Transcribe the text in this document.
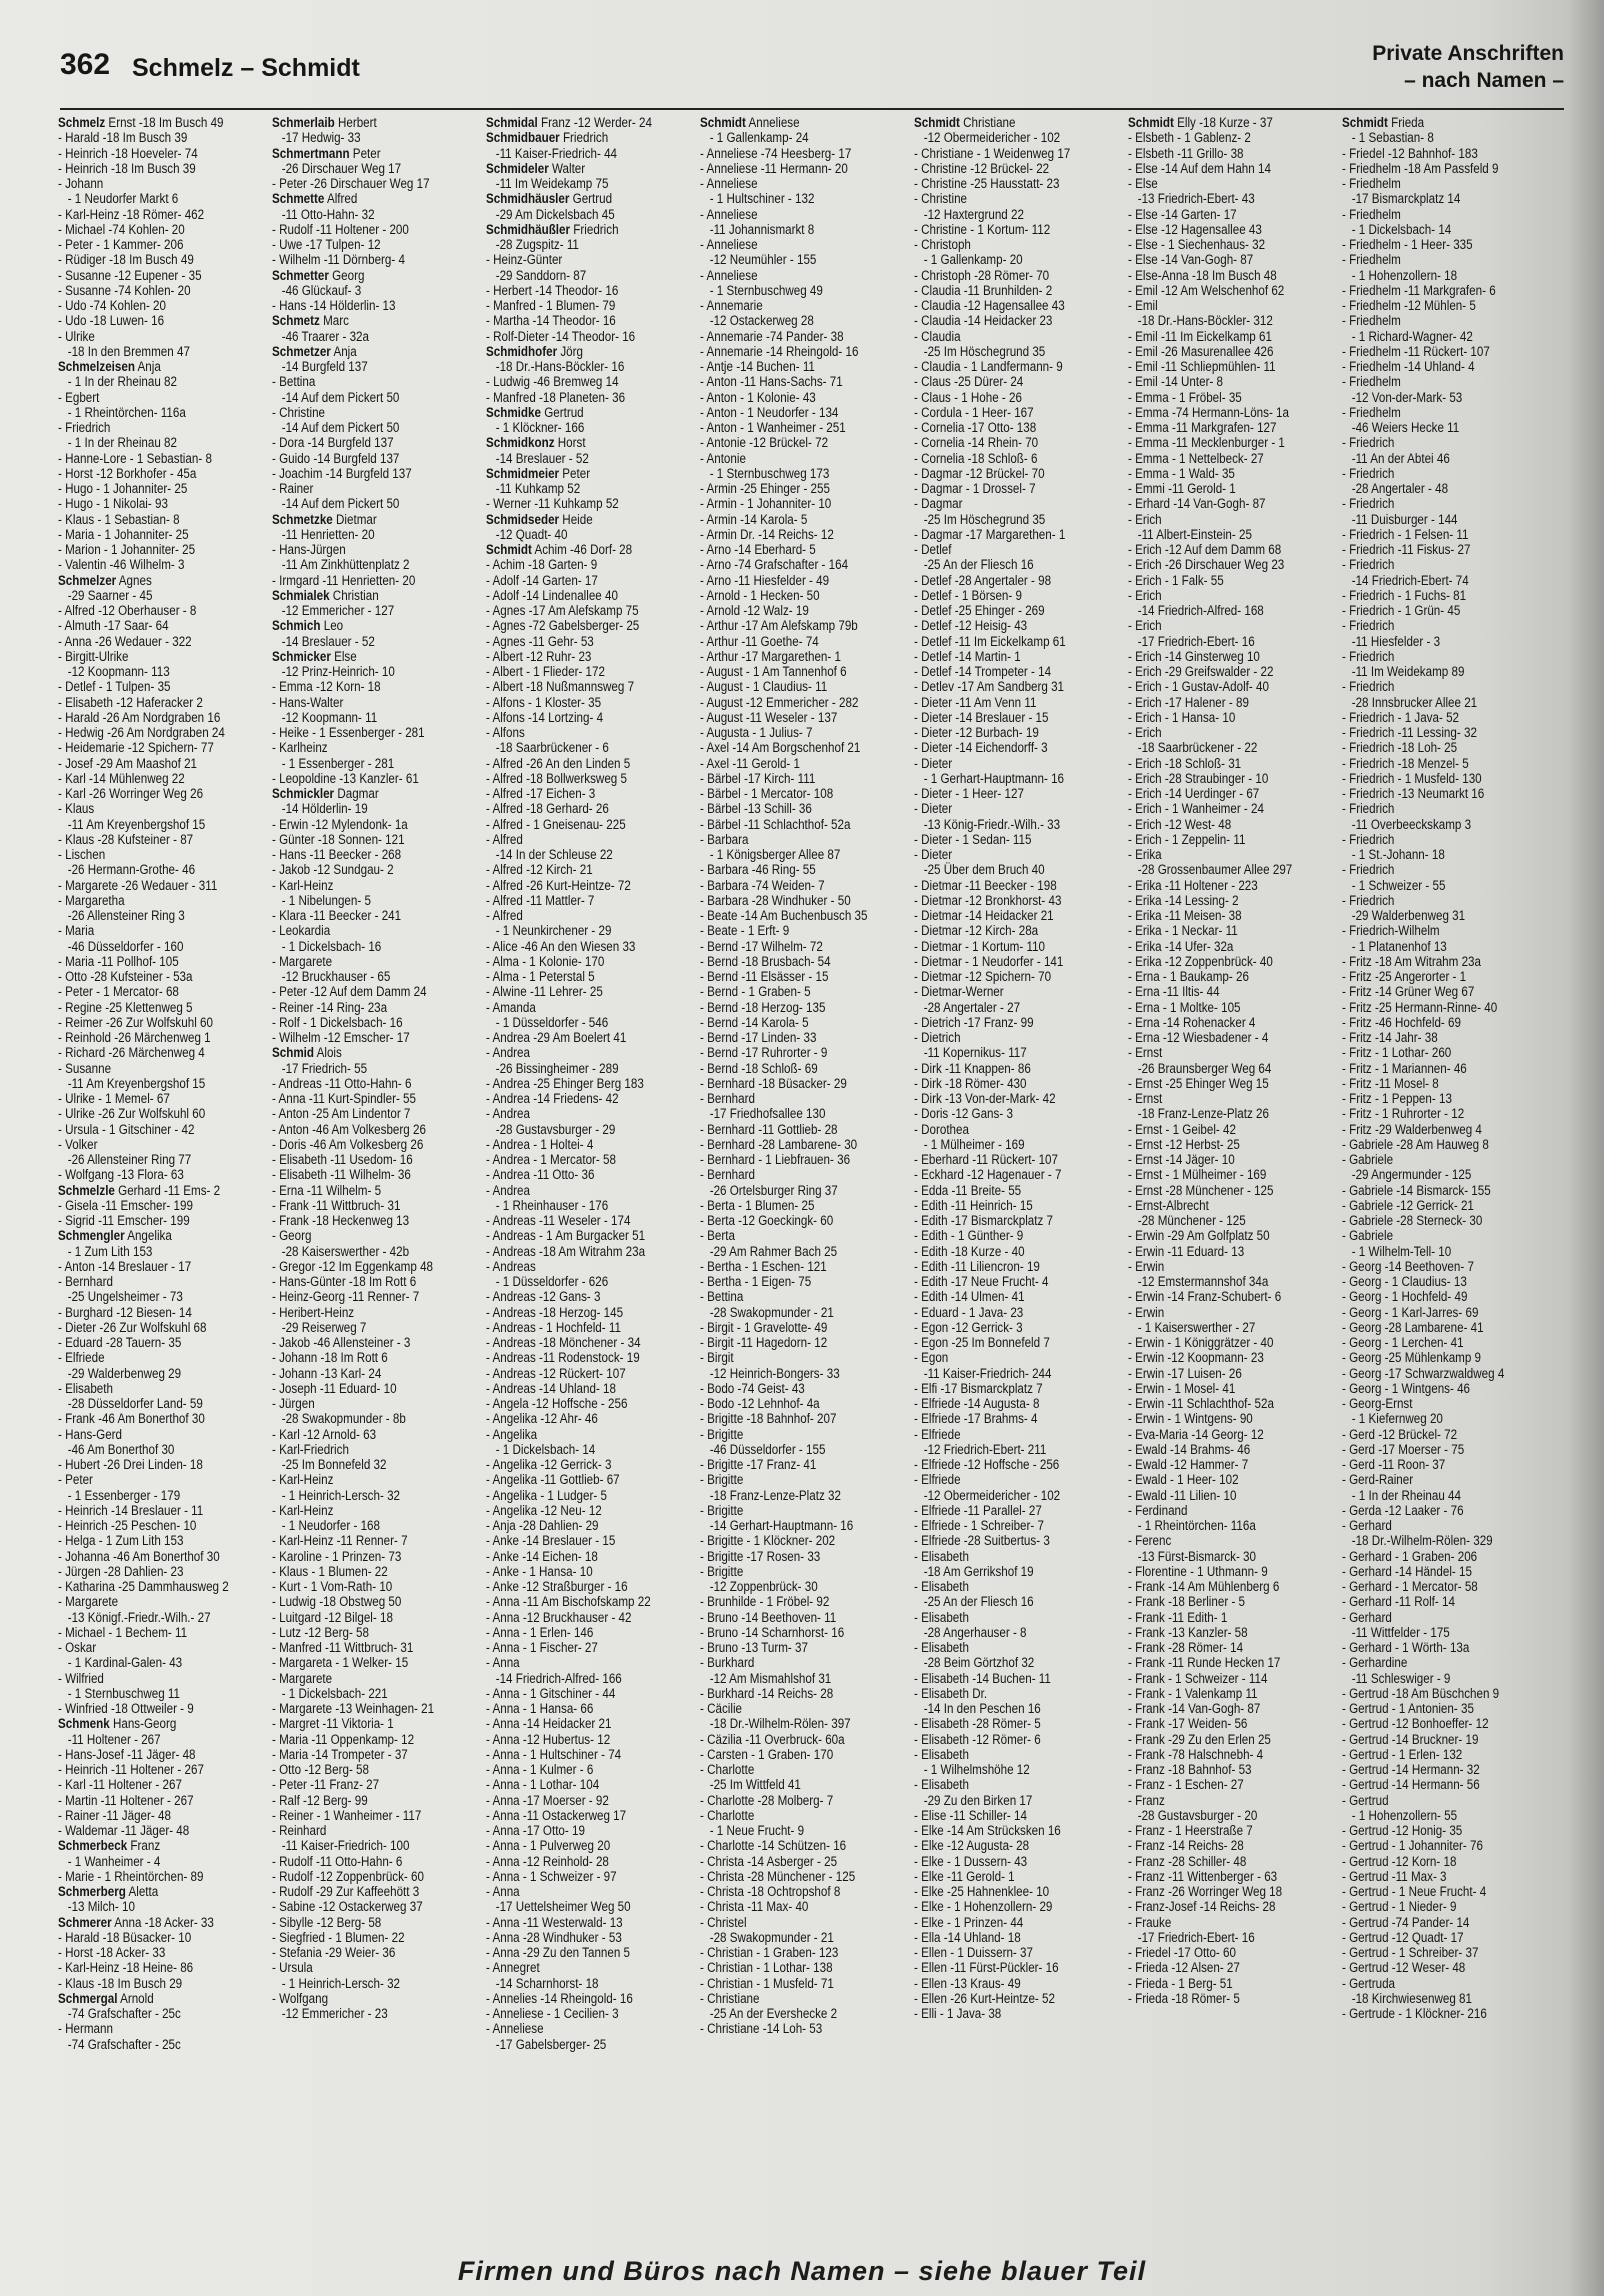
362 Schmelz – Schmidt
Private Anschriften
– nach Namen –
Schmelz Ernst -18 Im Busch 49
- Harald -18 Im Busch 39
- Heinrich -18 Hoeveler- 74
- Heinrich -18 Im Busch 39
- Johann
- 1 Neudorfer Markt 6
- Karl-Heinz -18 Römer- 462
- Michael -74 Kohlen- 20
- Peter - 1 Kammer- 206
- Rüdiger -18 Im Busch 49
- Susanne -12 Eupener - 35
- Susanne -74 Kohlen- 20
- Udo -74 Kohlen- 20
- Udo -18 Luwen- 16
- Ulrike
-18 In den Bremmen 47
Schmelzeisen Anja
- 1 In der Rheinau 82
- Egbert
- 1 Rheintörchen- 116a
- Friedrich
- 1 In der Rheinau 82
- Hanne-Lore - 1 Sebastian- 8
- Horst -12 Borkhofer - 45a
- Hugo - 1 Johanniter- 25
- Hugo - 1 Nikolai- 93
- Klaus - 1 Sebastian- 8
- Maria - 1 Johanniter- 25
- Marion - 1 Johanniter- 25
- Valentin -46 Wilhelm- 3
Schmelzer Agnes
-29 Saarner - 45
- Alfred -12 Oberhauser - 8
- Almuth -17 Saar- 64
- Anna -26 Wedauer - 322
- Birgitt-Ulrike
-12 Koopmann- 113
- Detlef - 1 Tulpen- 35
- Elisabeth -12 Haferacker 2
- Harald -26 Am Nordgraben 16
- Hedwig -26 Am Nordgraben 24
- Heidemarie -12 Spichern- 77
- Josef -29 Am Maashof 21
- Karl -14 Mühlenweg 22
- Karl -26 Worringer Weg 26
- Klaus
-11 Am Kreyenbergshof 15
- Klaus -28 Kufsteiner - 87
- Lischen
-26 Hermann-Grothe- 46
- Margarete -26 Wedauer - 311
- Margaretha
-26 Allensteiner Ring 3
- Maria
-46 Düsseldorfer - 160
- Maria -11 Pollhof- 105
- Otto -28 Kufsteiner - 53a
- Peter - 1 Mercator- 68
- Regine -25 Klettenweg 5
- Reimer -26 Zur Wolfskuhl 60
- Reinhold -26 Märchenweg 1
- Richard -26 Märchenweg 4
- Susanne
-11 Am Kreyenbergshof 15
- Ulrike - 1 Memel- 67
- Ulrike -26 Zur Wolfskuhl 60
- Ursula - 1 Gitschiner - 42
- Volker
-26 Allensteiner Ring 77
- Wolfgang -13 Flora- 63
Schmelzle Gerhard -11 Ems- 2
- Gisela -11 Emscher- 199
- Sigrid -11 Emscher- 199
Schmengler Angelika
- 1 Zum Lith 153
- Anton -14 Breslauer - 17
- Bernhard
-25 Ungelsheimer - 73
- Burghard -12 Biesen- 14
- Dieter -26 Zur Wolfskuhl 68
- Eduard -28 Tauern- 35
- Elfriede
-29 Walderbenweg 29
- Elisabeth
-28 Düsseldorfer Land- 59
- Frank -46 Am Bonerthof 30
- Hans-Gerd
-46 Am Bonerthof 30
- Hubert -26 Drei Linden- 18
- Peter
- 1 Essenberger - 179
- Heinrich -14 Breslauer - 11
- Heinrich -25 Peschen- 10
- Helga - 1 Zum Lith 153
- Johanna -46 Am Bonerthof 30
- Jürgen -28 Dahlien- 23
- Katharina -25 Dammhausweg 2
- Margarete
-13 Königf.-Friedr.-Wilh.- 27
- Michael - 1 Bechem- 11
- Oskar
- 1 Kardinal-Galen- 43
- Wilfried
- 1 Sternbuschweg 11
- Winfried -18 Ottweiler - 9
Schmenk Hans-Georg
-11 Holtener - 267
- Hans-Josef -11 Jäger- 48
- Heinrich -11 Holtener - 267
- Karl -11 Holtener - 267
- Martin -11 Holtener - 267
- Rainer -11 Jäger- 48
- Waldemar -11 Jäger- 48
Schmerbeck Franz
- 1 Wanheimer - 4
- Marie - 1 Rheintörchen- 89
Schmerberg Aletta
-13 Milch- 10
Schmerer Anna -18 Acker- 33
- Harald -18 Büsacker- 10
- Horst -18 Acker- 33
- Karl-Heinz -18 Heine- 86
- Klaus -18 Im Busch 29
Schmergal Arnold
-74 Grafschafter - 25c
- Hermann
-74 Grafschafter - 25c
Schmerlaib Herbert
-17 Hedwig- 33
Schmertmann Peter
-26 Dirschauer Weg 17
- Peter -26 Dirschauer Weg 17
Schmette Alfred
-11 Otto-Hahn- 32
- Rudolf -11 Holtener - 200
- Uwe -17 Tulpen- 12
- Wilhelm -11 Dörnberg- 4
Schmetter Georg
-46 Glückauf- 3
- Hans -14 Hölderlin- 13
Schmetz Marc
-46 Traarer - 32a
Schmetzer Anja
-14 Burgfeld 137
- Bettina
-14 Auf dem Pickert 50
- Christine
-14 Auf dem Pickert 50
- Dora -14 Burgfeld 137
- Guido -14 Burgfeld 137
- Joachim -14 Burgfeld 137
- Rainer
-14 Auf dem Pickert 50
Schmetzke Dietmar
-11 Henrietten- 20
- Hans-Jürgen
-11 Am Zinkhüttenplatz 2
- Irmgard -11 Henrietten- 20
Schmialek Christian
-12 Emmericher - 127
Schmich Leo
-14 Breslauer - 52
Schmicker Else
-12 Prinz-Heinrich- 10
- Emma -12 Korn- 18
- Hans-Walter
-12 Koopmann- 11
- Heike - 1 Essenberger - 281
- Karlheinz
- 1 Essenberger - 281
- Leopoldine -13 Kanzler- 61
Schmickler Dagmar
-14 Hölderlin- 19
- Erwin -12 Mylendonk- 1a
- Günter -18 Sonnen- 121
- Hans -11 Beecker - 268
- Jakob -12 Sundgau- 2
- Karl-Heinz
- 1 Nibelungen- 5
- Klara -11 Beecker - 241
- Leokardia
- 1 Dickelsbach- 16
- Margarete
-12 Bruckhauser - 65
- Peter -12 Auf dem Damm 24
- Reiner -14 Ring- 23a
- Rolf - 1 Dickelsbach- 16
- Wilhelm -12 Emscher- 17
Schmid Alois
-17 Friedrich- 55
- Andreas -11 Otto-Hahn- 6
- Anna -11 Kurt-Spindler- 55
- Anton -25 Am Lindentor 7
- Anton -46 Am Volkesberg 26
- Doris -46 Am Volkesberg 26
- Elisabeth -11 Usedom- 16
- Elisabeth -11 Wilhelm- 36
- Erna -11 Wilhelm- 5
- Frank -11 Wittbruch- 31
- Frank -18 Heckenweg 13
- Georg
-28 Kaiserswerther - 42b
- Gregor -12 Im Eggenkamp 48
- Hans-Günter -18 Im Rott 6
- Heinz-Georg -11 Renner- 7
- Heribert-Heinz
-29 Reiserweg 7
- Jakob -46 Allensteiner - 3
- Johann -18 Im Rott 6
- Johann -13 Karl- 24
- Joseph -11 Eduard- 10
- Jürgen
-28 Swakopmunder - 8b
- Karl -12 Arnold- 63
- Karl-Friedrich
-25 Im Bonnefeld 32
- Karl-Heinz
- 1 Heinrich-Lersch- 32
- Karl-Heinz
- 1 Neudorfer - 168
- Karl-Heinz -11 Renner- 7
- Karoline - 1 Prinzen- 73
- Klaus - 1 Blumen- 22
- Kurt - 1 Vom-Rath- 10
- Ludwig -18 Obstweg 50
- Luitgard -12 Bilgel- 18
- Lutz -12 Berg- 58
- Manfred -11 Wittbruch- 31
- Margareta - 1 Welker- 15
- Margarete
- 1 Dickelsbach- 221
- Margarete -13 Weinhagen- 21
- Margret -11 Viktoria- 1
- Maria -11 Oppenkamp- 12
- Maria -14 Trompeter - 37
- Otto -12 Berg- 58
- Peter -11 Franz- 27
- Ralf -12 Berg- 99
- Reiner - 1 Wanheimer - 117
- Reinhard
-11 Kaiser-Friedrich- 100
- Rudolf -11 Otto-Hahn- 6
- Rudolf -12 Zoppenbrück- 60
- Rudolf -29 Zur Kaffeehött 3
- Sabine -12 Ostackerweg 37
- Sibylle -12 Berg- 58
- Siegfried - 1 Blumen- 22
- Stefania -29 Weier- 36
- Ursula
- 1 Heinrich-Lersch- 32
- Wolfgang
-12 Emmericher - 23
Schmidal Franz -12 Werder- 24
Schmidbauer Friedrich
-11 Kaiser-Friedrich- 44
Schmideler Walter
-11 Im Weidekamp 75
Schmidhäusler Gertrud
-29 Am Dickelsbach 45
Schmidhäußler Friedrich
-28 Zugspitz- 11
- Heinz-Günter
-29 Sanddorn- 87
- Herbert -14 Theodor- 16
- Manfred - 1 Blumen- 79
- Martha -14 Theodor- 16
- Rolf-Dieter -14 Theodor- 16
Schmidhofer Jörg
-18 Dr.-Hans-Böckler- 16
- Ludwig -46 Bremweg 14
- Manfred -18 Planeten- 36
Schmidke Gertrud
- 1 Klöckner- 166
Schmidkonz Horst
-14 Breslauer - 52
Schmidmeier Peter
-11 Kuhkamp 52
- Werner -11 Kuhkamp 52
Schmidseder Heide
-12 Quadt- 40
Schmidt Achim -46 Dorf- 28
- Achim -18 Garten- 9
- Adolf -14 Garten- 17
- Adolf -14 Lindenallee 40
- Agnes -17 Am Alefskamp 75
- Agnes -72 Gabelsberger- 25
- Agnes -11 Gehr- 53
- Albert -12 Ruhr- 23
- Albert - 1 Flieder- 172
- Albert -18 Nußmannsweg 7
- Alfons - 1 Kloster- 35
- Alfons -14 Lortzing- 4
- Alfons
-18 Saarbrückener - 6
- Alfred -26 An den Linden 5
- Alfred -18 Bollwerksweg 5
- Alfred -17 Eichen- 3
- Alfred -18 Gerhard- 26
- Alfred - 1 Gneisenau- 225
- Alfred
-14 In der Schleuse 22
- Alfred -12 Kirch- 21
- Alfred -26 Kurt-Heintze- 72
- Alfred -11 Mattler- 7
- Alfred
- 1 Neunkirchener - 29
- Alice -46 An den Wiesen 33
- Alma - 1 Kolonie- 170
- Alma - 1 Peterstal 5
- Alwine -11 Lehrer- 25
- Amanda
- 1 Düsseldorfer - 546
- Andrea -29 Am Boelert 41
- Andrea
-26 Bissingheimer - 289
- Andrea -25 Ehinger Berg 183
- Andrea -14 Friedens- 42
- Andrea
-28 Gustavsburger - 29
- Andrea - 1 Holtei- 4
- Andrea - 1 Mercator- 58
- Andrea -11 Otto- 36
- Andrea
- 1 Rheinhauser - 176
- Andreas -11 Weseler - 174
- Andreas - 1 Am Burgacker 51
- Andreas -18 Am Witrahm 23a
- Andreas
- 1 Düsseldorfer - 626
- Andreas -12 Gans- 3
- Andreas -18 Herzog- 145
- Andreas - 1 Hochfeld- 11
- Andreas -18 Mönchener - 34
- Andreas -11 Rodenstock- 19
- Andreas -12 Rückert- 107
- Andreas -14 Uhland- 18
- Angela -12 Hoffsche - 256
- Angelika -12 Ahr- 46
- Angelika
- 1 Dickelsbach- 14
- Angelika -12 Gerrick- 3
- Angelika -11 Gottlieb- 67
- Angelika - 1 Ludger- 5
- Angelika -12 Neu- 12
- Anja -28 Dahlien- 29
- Anke -14 Breslauer - 15
- Anke -14 Eichen- 18
- Anke - 1 Hansa- 10
- Anke -12 Straßburger - 16
- Anna -11 Am Bischofskamp 22
- Anna -12 Bruckhauser - 42
- Anna - 1 Erlen- 146
- Anna - 1 Fischer- 27
- Anna
-14 Friedrich-Alfred- 166
- Anna - 1 Gitschiner - 44
- Anna - 1 Hansa- 66
- Anna -14 Heidacker 21
- Anna -12 Hubertus- 12
- Anna - 1 Hultschiner - 74
- Anna - 1 Kulmer - 6
- Anna - 1 Lothar- 104
- Anna -17 Moerser - 92
- Anna -11 Ostackerweg 17
- Anna -17 Otto- 19
- Anna - 1 Pulverweg 20
- Anna -12 Reinhold- 28
- Anna - 1 Schweizer - 97
- Anna
-17 Uettelsheimer Weg 50
- Anna -11 Westerwald- 13
- Anna -28 Windhuker - 53
- Anna -29 Zu den Tannen 5
- Annegret
-14 Scharnhorst- 18
- Annelies -14 Rheingold- 16
- Anneliese - 1 Cecilien- 3
- Anneliese
-17 Gabelsberger- 25
Schmidt Anneliese
- 1 Gallenkamp- 24
- Anneliese -74 Heesberg- 17
- Anneliese -11 Hermann- 20
- Anneliese
- 1 Hultschiner - 132
- Anneliese
-11 Johannismarkt 8
- Anneliese
-12 Neumühler - 155
- Anneliese
- 1 Sternbuschweg 49
- Annemarie
-12 Ostackerweg 28
- Annemarie -74 Pander- 38
- Annemarie -14 Rheingold- 16
- Antje -14 Buchen- 11
- Anton -11 Hans-Sachs- 71
- Anton - 1 Kolonie- 43
- Anton - 1 Neudorfer - 134
- Anton - 1 Wanheimer - 251
- Antonie -12 Brückel- 72
- Antonie
- 1 Sternbuschweg 173
- Armin -25 Ehinger - 255
- Armin - 1 Johanniter- 10
- Armin -14 Karola- 5
- Armin Dr. -14 Reichs- 12
- Arno -14 Eberhard- 5
- Arno -74 Grafschafter - 164
- Arno -11 Hiesfelder - 49
- Arnold - 1 Hecken- 50
- Arnold -12 Walz- 19
- Arthur -17 Am Alefskamp 79b
- Arthur -11 Goethe- 74
- Arthur -17 Margarethen- 1
- August - 1 Am Tannenhof 6
- August - 1 Claudius- 11
- August -12 Emmericher - 282
- August -11 Weseler - 137
- Augusta - 1 Julius- 7
- Axel -14 Am Borgschenhof 21
- Axel -11 Gerold- 1
- Bärbel -17 Kirch- 111
- Bärbel - 1 Mercator- 108
- Bärbel -13 Schill- 36
- Bärbel -11 Schlachthof- 52a
- Barbara
- 1 Königsberger Allee 87
- Barbara -46 Ring- 55
- Barbara -74 Weiden- 7
- Barbara -28 Windhuker - 50
- Beate -14 Am Buchenbusch 35
- Beate - 1 Erft- 9
- Bernd -17 Wilhelm- 72
- Bernd -18 Brusbach- 54
- Bernd -11 Elsässer - 15
- Bernd - 1 Graben- 5
- Bernd -18 Herzog- 135
- Bernd -14 Karola- 5
- Bernd -17 Linden- 33
- Bernd -17 Ruhrorter - 9
- Bernd -18 Schloß- 69
- Bernhard -18 Büsacker- 29
- Bernhard
-17 Friedhofsallee 130
- Bernhard -11 Gottlieb- 28
- Bernhard -28 Lambarene- 30
- Bernhard - 1 Liebfrauen- 36
- Bernhard
-26 Ortelsburger Ring 37
- Berta - 1 Blumen- 25
- Berta -12 Goeckingk- 60
- Berta
-29 Am Rahmer Bach 25
- Bertha - 1 Eschen- 121
- Bertha - 1 Eigen- 75
- Bettina
-28 Swakopmunder - 21
- Birgit - 1 Gravelotte- 49
- Birgit -11 Hagedorn- 12
- Birgit
-12 Heinrich-Bongers- 33
- Bodo -74 Geist- 43
- Bodo -12 Lehnhof- 4a
- Brigitte -18 Bahnhof- 207
- Brigitte
-46 Düsseldorfer - 155
- Brigitte -17 Franz- 41
- Brigitte
-18 Franz-Lenze-Platz 32
- Brigitte
-14 Gerhart-Hauptmann- 16
- Brigitte - 1 Klöckner- 202
- Brigitte -17 Rosen- 33
- Brigitte
-12 Zoppenbrück- 30
- Brunhilde - 1 Fröbel- 92
- Bruno -14 Beethoven- 11
- Bruno -14 Scharnhorst- 16
- Bruno -13 Turm- 37
- Burkhard
-12 Am Mismahlshof 31
- Burkhard -14 Reichs- 28
- Cäcilie
-18 Dr.-Wilhelm-Rölen- 397
- Cäzilia -11 Overbruck- 60a
- Carsten - 1 Graben- 170
- Charlotte
-25 Im Wittfeld 41
- Charlotte -28 Molberg- 7
- Charlotte
- 1 Neue Frucht- 9
- Charlotte -14 Schützen- 16
- Christa -14 Asberger - 25
- Christa -28 Münchener - 125
- Christa -18 Ochtropshof 8
- Christa -11 Max- 40
- Christel
-28 Swakopmunder - 21
- Christian - 1 Graben- 123
- Christian - 1 Lothar- 138
- Christian - 1 Musfeld- 71
- Christiane
-25 An der Evershecke 2
- Christiane -14 Loh- 53
Schmidt Christiane
-12 Obermeidericher - 102
- Christiane - 1 Weidenweg 17
- Christine -12 Brückel- 22
- Christine -25 Hausstatt- 23
- Christine
-12 Haxtergrund 22
- Christine - 1 Kortum- 112
- Christoph
- 1 Gallenkamp- 20
- Christoph -28 Römer- 70
- Claudia -11 Brunhilden- 2
- Claudia -12 Hagensallee 43
- Claudia -14 Heidacker 23
- Claudia
-25 Im Höschegrund 35
- Claudia - 1 Landfermann- 9
- Claus -25 Dürer- 24
- Claus - 1 Hohe - 26
- Cordula - 1 Heer- 167
- Cornelia -17 Otto- 138
- Cornelia -14 Rhein- 70
- Cornelia -18 Schloß- 6
- Dagmar -12 Brückel- 70
- Dagmar - 1 Drossel- 7
- Dagmar
-25 Im Höschegrund 35
- Dagmar -17 Margarethen- 1
- Detlef
-25 An der Fliesch 16
- Detlef -28 Angertaler - 98
- Detlef - 1 Börsen- 9
- Detlef -25 Ehinger - 269
- Detlef -12 Heisig- 43
- Detlef -11 Im Eickelkamp 61
- Detlef -14 Martin- 1
- Detlef -14 Trompeter - 14
- Detlev -17 Am Sandberg 31
- Dieter -11 Am Venn 11
- Dieter -14 Breslauer - 15
- Dieter -12 Burbach- 19
- Dieter -14 Eichendorff- 3
- Dieter
- 1 Gerhart-Hauptmann- 16
- Dieter - 1 Heer- 127
- Dieter
-13 König-Friedr.-Wilh.- 33
- Dieter - 1 Sedan- 115
- Dieter
-25 Über dem Bruch 40
- Dietmar -11 Beecker - 198
- Dietmar -12 Bronkhorst- 43
- Dietmar -14 Heidacker 21
- Dietmar -12 Kirch- 28a
- Dietmar - 1 Kortum- 110
- Dietmar - 1 Neudorfer - 141
- Dietmar -12 Spichern- 70
- Dietmar-Werner
-28 Angertaler - 27
- Dietrich -17 Franz- 99
- Dietrich
-11 Kopernikus- 117
- Dirk -11 Knappen- 86
- Dirk -18 Römer- 430
- Dirk -13 Von-der-Mark- 42
- Doris -12 Gans- 3
- Dorothea
- 1 Mülheimer - 169
- Eberhard -11 Rückert- 107
- Eckhard -12 Hagenauer - 7
- Edda -11 Breite- 55
- Edith -11 Heinrich- 15
- Edith -17 Bismarckplatz 7
- Edith - 1 Günther- 9
- Edith -18 Kurze - 40
- Edith -11 Liliencron- 19
- Edith -17 Neue Frucht- 4
- Edith -14 Ulmen- 41
- Eduard - 1 Java- 23
- Egon -12 Gerrick- 3
- Egon -25 Im Bonnefeld 7
- Egon
-11 Kaiser-Friedrich- 244
- Elfi -17 Bismarckplatz 7
- Elfriede -14 Augusta- 8
- Elfriede -17 Brahms- 4
- Elfriede
-12 Friedrich-Ebert- 211
- Elfriede -12 Hoffsche - 256
- Elfriede
-12 Obermeidericher - 102
- Elfriede -11 Parallel- 27
- Elfriede - 1 Schreiber- 7
- Elfriede -28 Suitbertus- 3
- Elisabeth
-18 Am Gerrikshof 19
- Elisabeth
-25 An der Fliesch 16
- Elisabeth
-28 Angerhauser - 8
- Elisabeth
-28 Beim Görtzhof 32
- Elisabeth -14 Buchen- 11
- Elisabeth Dr.
-14 In den Peschen 16
- Elisabeth -28 Römer- 5
- Elisabeth -12 Römer- 6
- Elisabeth
- 1 Wilhelmshöhe 12
- Elisabeth
-29 Zu den Birken 17
- Elise -11 Schiller- 14
- Elke -14 Am Strücksken 16
- Elke -12 Augusta- 28
- Elke - 1 Dussern- 43
- Elke -11 Gerold- 1
- Elke -25 Hahnenklee- 10
- Elke - 1 Hohenzollern- 29
- Elke - 1 Prinzen- 44
- Ella -14 Uhland- 18
- Ellen - 1 Duissern- 37
- Ellen -11 Fürst-Pückler- 16
- Ellen -13 Kraus- 49
- Ellen -26 Kurt-Heintze- 52
- Elli - 1 Java- 38
Schmidt Elly -18 Kurze - 37
- Elsbeth - 1 Gablenz- 2
- Elsbeth -11 Grillo- 38
- Else -14 Auf dem Hahn 14
- Else
-13 Friedrich-Ebert- 43
- Else -14 Garten- 17
- Else -12 Hagensallee 43
- Else - 1 Siechenhaus- 32
- Else -14 Van-Gogh- 87
- Else-Anna -18 Im Busch 48
- Emil -12 Am Welschenhof 62
- Emil
-18 Dr.-Hans-Böckler- 312
- Emil -11 Im Eickelkamp 61
- Emil -26 Masurenallee 426
- Emil -11 Schliepmühlen- 11
- Emil -14 Unter- 8
- Emma - 1 Fröbel- 35
- Emma -74 Hermann-Löns- 1a
- Emma -11 Markgrafen- 127
- Emma -11 Mecklenburger - 1
- Emma - 1 Nettelbeck- 27
- Emma - 1 Wald- 35
- Emmi -11 Gerold- 1
- Erhard -14 Van-Gogh- 87
- Erich
-11 Albert-Einstein- 25
- Erich -12 Auf dem Damm 68
- Erich -26 Dirschauer Weg 23
- Erich - 1 Falk- 55
- Erich
-14 Friedrich-Alfred- 168
- Erich
-17 Friedrich-Ebert- 16
- Erich -14 Ginsterweg 10
- Erich -29 Greifswalder - 22
- Erich - 1 Gustav-Adolf- 40
- Erich -17 Halener - 89
- Erich - 1 Hansa- 10
- Erich
-18 Saarbrückener - 22
- Erich -18 Schloß- 31
- Erich -28 Straubinger - 10
- Erich -14 Uerdinger - 67
- Erich - 1 Wanheimer - 24
- Erich -12 West- 48
- Erich - 1 Zeppelin- 11
- Erika
-28 Grossenbaumer Allee 297
- Erika -11 Holtener - 223
- Erika -14 Lessing- 2
- Erika -11 Meisen- 38
- Erika - 1 Neckar- 11
- Erika -14 Ufer- 32a
- Erika -12 Zoppenbrück- 40
- Erna - 1 Baukamp- 26
- Erna -11 Iltis- 44
- Erna - 1 Moltke- 105
- Erna -14 Rohenacker 4
- Erna -12 Wiesbadener - 4
- Ernst
-26 Braunsberger Weg 64
- Ernst -25 Ehinger Weg 15
- Ernst
-18 Franz-Lenze-Platz 26
- Ernst - 1 Geibel- 42
- Ernst -12 Herbst- 25
- Ernst -14 Jäger- 10
- Ernst - 1 Mülheimer - 169
- Ernst -28 Münchener - 125
- Ernst-Albrecht
-28 Münchener - 125
- Erwin -29 Am Golfplatz 50
- Erwin -11 Eduard- 13
- Erwin
-12 Emstermannshof 34a
- Erwin -14 Franz-Schubert- 6
- Erwin
- 1 Kaiserswerther - 27
- Erwin - 1 Königgrätzer - 40
- Erwin -12 Koopmann- 23
- Erwin -17 Luisen- 26
- Erwin - 1 Mosel- 41
- Erwin -11 Schlachthof- 52a
- Erwin - 1 Wintgens- 90
- Eva-Maria -14 Georg- 12
- Ewald -14 Brahms- 46
- Ewald -12 Hammer- 7
- Ewald - 1 Heer- 102
- Ewald -11 Lilien- 10
- Ferdinand
- 1 Rheintörchen- 116a
- Ferenc
-13 Fürst-Bismarck- 30
- Florentine - 1 Uthmann- 9
- Frank -14 Am Mühlenberg 6
- Frank -18 Berliner - 5
- Frank -11 Edith- 1
- Frank -13 Kanzler- 58
- Frank -28 Römer- 14
- Frank -11 Runde Hecken 17
- Frank - 1 Schweizer - 114
- Frank - 1 Valenkamp 11
- Frank -14 Van-Gogh- 87
- Frank -17 Weiden- 56
- Frank -29 Zu den Erlen 25
- Frank -78 Halschnebh- 4
- Franz -18 Bahnhof- 53
- Franz - 1 Eschen- 27
- Franz
-28 Gustavsburger - 20
- Franz - 1 Heerstraße 7
- Franz -14 Reichs- 28
- Franz -28 Schiller- 48
- Franz -11 Wittenberger - 63
- Franz -26 Worringer Weg 18
- Franz-Josef -14 Reichs- 28
- Frauke
-17 Friedrich-Ebert- 16
- Friedel -17 Otto- 60
- Frieda -12 Alsen- 27
- Frieda - 1 Berg- 51
- Frieda -18 Römer- 5
Schmidt Frieda
- 1 Sebastian- 8
- Friedel -12 Bahnhof- 183
- Friedhelm -18 Am Passfeld 9
- Friedhelm
-17 Bismarckplatz 14
- Friedhelm
- 1 Dickelsbach- 14
- Friedhelm - 1 Heer- 335
- Friedhelm
- 1 Hohenzollern- 18
- Friedhelm -11 Markgrafen- 6
- Friedhelm -12 Mühlen- 5
- Friedhelm
- 1 Richard-Wagner- 42
- Friedhelm -11 Rückert- 107
- Friedhelm -14 Uhland- 4
- Friedhelm
-12 Von-der-Mark- 53
- Friedhelm
-46 Weiers Hecke 11
- Friedrich
-11 An der Abtei 46
- Friedrich
-28 Angertaler - 48
- Friedrich
-11 Duisburger - 144
- Friedrich - 1 Felsen- 11
- Friedrich -11 Fiskus- 27
- Friedrich
-14 Friedrich-Ebert- 74
- Friedrich - 1 Fuchs- 81
- Friedrich - 1 Grün- 45
- Friedrich
-11 Hiesfelder - 3
- Friedrich
-11 Im Weidekamp 89
- Friedrich
-28 Innsbrucker Allee 21
- Friedrich - 1 Java- 52
- Friedrich -11 Lessing- 32
- Friedrich -18 Loh- 25
- Friedrich -18 Menzel- 5
- Friedrich - 1 Musfeld- 130
- Friedrich -13 Neumarkt 16
- Friedrich
-11 Overbeeckskamp 3
- Friedrich
- 1 St.-Johann- 18
- Friedrich
- 1 Schweizer - 55
- Friedrich
-29 Walderbenweg 31
- Friedrich-Wilhelm
- 1 Platanenhof 13
- Fritz -18 Am Witrahm 23a
- Fritz -25 Angerorter - 1
- Fritz -14 Grüner Weg 67
- Fritz -25 Hermann-Rinne- 40
- Fritz -46 Hochfeld- 69
- Fritz -14 Jahr- 38
- Fritz - 1 Lothar- 260
- Fritz - 1 Mariannen- 46
- Fritz -11 Mosel- 8
- Fritz - 1 Peppen- 13
- Fritz - 1 Ruhrorter - 12
- Fritz -29 Walderbenweg 4
- Gabriele -28 Am Hauweg 8
- Gabriele
-29 Angermunder - 125
- Gabriele -14 Bismarck- 155
- Gabriele -12 Gerrick- 21
- Gabriele -28 Sterneck- 30
- Gabriele
- 1 Wilhelm-Tell- 10
- Georg -14 Beethoven- 7
- Georg - 1 Claudius- 13
- Georg - 1 Hochfeld- 49
- Georg - 1 Karl-Jarres- 69
- Georg -28 Lambarene- 41
- Georg - 1 Lerchen- 41
- Georg -25 Mühlenkamp 9
- Georg -17 Schwarzwaldweg 4
- Georg - 1 Wintgens- 46
- Georg-Ernst
- 1 Kiefernweg 20
- Gerd -12 Brückel- 72
- Gerd -17 Moerser - 75
- Gerd -11 Roon- 37
- Gerd-Rainer
- 1 In der Rheinau 44
- Gerda -12 Laaker - 76
- Gerhard
-18 Dr.-Wilhelm-Rölen- 329
- Gerhard - 1 Graben- 206
- Gerhard -14 Händel- 15
- Gerhard - 1 Mercator- 58
- Gerhard -11 Rolf- 14
- Gerhard
-11 Wittfelder - 175
- Gerhard - 1 Wörth- 13a
- Gerhardine
-11 Schleswiger - 9
- Gertrud -18 Am Büschchen 9
- Gertrud - 1 Antonien- 35
- Gertrud -12 Bonhoeffer- 12
- Gertrud -14 Bruckner- 19
- Gertrud - 1 Erlen- 132
- Gertrud -14 Hermann- 32
- Gertrud -14 Hermann- 56
- Gertrud
- 1 Hohenzollern- 55
- Gertrud -12 Honig- 35
- Gertrud - 1 Johanniter- 76
- Gertrud -12 Korn- 18
- Gertrud -11 Max- 3
- Gertrud - 1 Neue Frucht- 4
- Gertrud - 1 Nieder- 9
- Gertrud -74 Pander- 14
- Gertrud -12 Quadt- 17
- Gertrud - 1 Schreiber- 37
- Gertrud -12 Weser- 48
- Gertruda
-18 Kirchwiesenweg 81
- Gertrude - 1 Klöckner- 216
Firmen und Büros nach Namen – siehe blauer Teil
